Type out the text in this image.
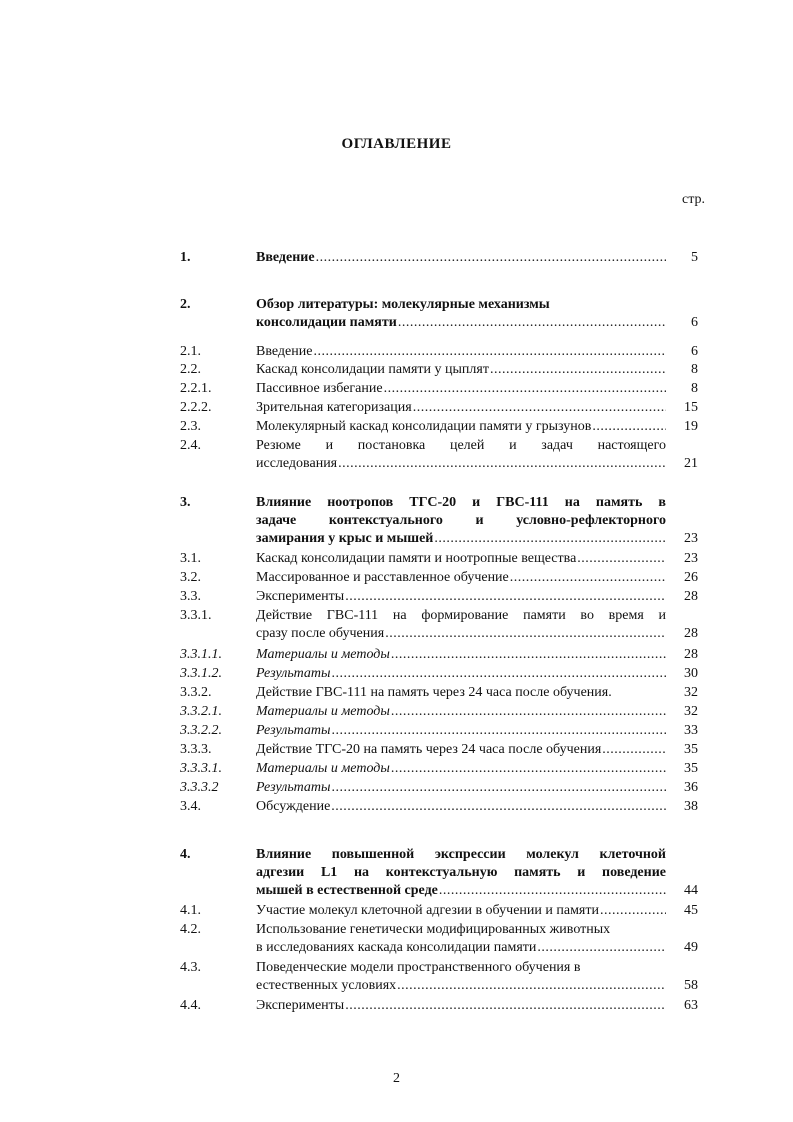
ОГЛАВЛЕНИЕ
стр.
1.	Введение .....	5
2.	Обзор литературы: молекулярные механизмы
консолидации памяти .....	6
2.1.	Введение .....	6
2.2.	Каскад консолидации памяти у цыплят .....	8
2.2.1.	Пассивное избегание .....	8
2.2.2.	Зрительная категоризация .....	15
2.3.	Молекулярный каскад консолидации памяти у грызунов .....	19
2.4.	Резюме и постановка целей и задач настоящего
исследования .....	21
3.	Влияние ноотропов ТГС-20 и ГВС-111 на память в
задаче контекстуального и условно-рефлекторного
замирания у крыс и мышей .....	23
3.1.	Каскад консолидации памяти и ноотропные вещества .....	23
3.2.	Массированное и расставленное обучение .....	26
3.3.	Эксперименты .....	28
3.3.1.	Действие ГВС-111 на формирование памяти во время и
сразу после обучения .....	28
3.3.1.1. Материалы и методы .....	28
3.3.1.2. Результаты .....	30
3.3.2.	Действие ГВС-111 на память через 24 часа после обучения.	32
3.3.2.1. Материалы и методы .....	32
3.3.2.2. Результаты .....	33
3.3.3.	Действие ТГС-20 на память через 24 часа после обучения .....	35
3.3.3.1. Материалы и методы .....	35
3.3.3.2	Результаты .....	36
3.4.	Обсуждение .....	38
4.	Влияние повышенной экспрессии молекул клеточной
адгезии L1 на контекстуальную память и поведение
мышей в естественной среде .....	44
4.1.	Участие молекул клеточной адгезии в обучении и памяти .....	45
4.2.	Использование генетически модифицированных животных
в исследованиях каскада консолидации памяти .....	49
4.3.	Поведенческие модели пространственного обучения в
естественных условиях .....	58
4.4.	Эксперименты .....	63
2
